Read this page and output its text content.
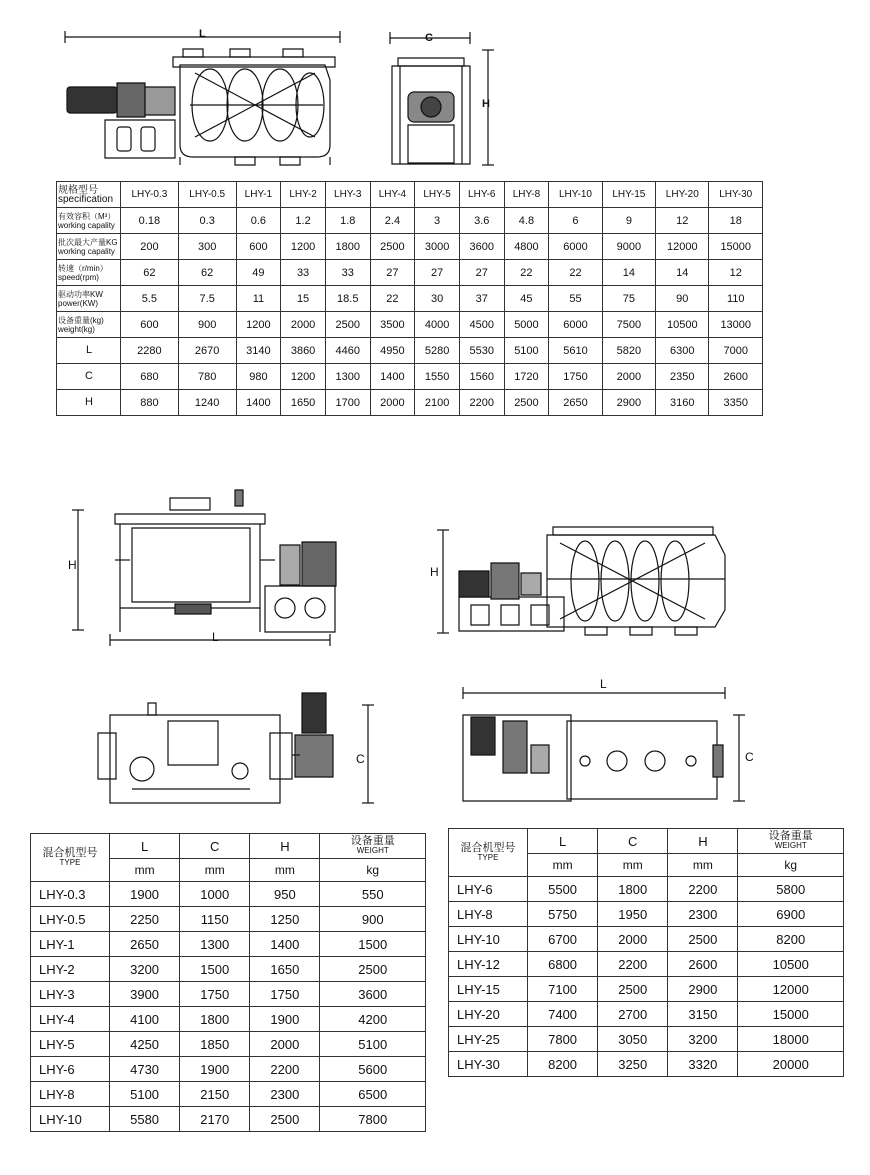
L	C
H
规格型号
specification	LHY-0.3	LHY-0.5	LHY-1	LHY-2	LHY-3	LHY-4	LHY-5	LHY-6	LHY-8	LHY-10	LHY-15	LHY-20	LHY-30
有效容积（M³）
working capality	0.18	0.3	0.6	1.2	1.8	2.4	3	3.6	4.8	6	9	12	18
批次最大产量KG
working capality	200	300	600	1200	1800	2500	3000	3600	4800	6000	9000	12000	15000
转速（r/min）
speed(rpm)	62	62	49	33	33	27	27	27	22	22	14	14	12
驱动功率KW
power(KW)	5.5	7.5	11	15	18.5	22	30	37	45	55	75	90	110
设备重量(kg)
weight(kg)	600	900	1200	2000	2500	3500	4000	4500	5000	6000	7500	10500	13000
L	2280	2670	3140	3860	4460	4950	5280	5530	5100	5610	5820	6300	7000
C	680	780	980	1200	1300	1400	1550	1560	1720	1750	2000	2350	2600
H	880	1240	1400	1650	1700	2000	2100	2200	2500	2650	2900	3160	3350
H
L
H
C
L
C
混合机型号
TYPE	L	C	H	设备重量
WEIGHT

	mm	mm	mm	kg
LHY-0.3	1900	1000	950	550
LHY-0.5	2250	1150	1250	900
LHY-1	2650	1300	1400	1500
LHY-2	3200	1500	1650	2500
LHY-3	3900	1750	1750	3600
LHY-4	4100	1800	1900	4200
LHY-5	4250	1850	2000	5100
LHY-6	4730	1900	2200	5600
LHY-8	5100	2150	2300	6500
LHY-10	5580	2170	2500	7800
混合机型号
TYPE	L	C	H	设备重量
WEIGHT

	mm	mm	mm	kg
LHY-6	5500	1800	2200	5800
LHY-8	5750	1950	2300	6900
LHY-10	6700	2000	2500	8200
LHY-12	6800	2200	2600	10500
LHY-15	7100	2500	2900	12000
LHY-20	7400	2700	3150	15000
LHY-25	7800	3050	3200	18000
LHY-30	8200	3250	3320	20000
